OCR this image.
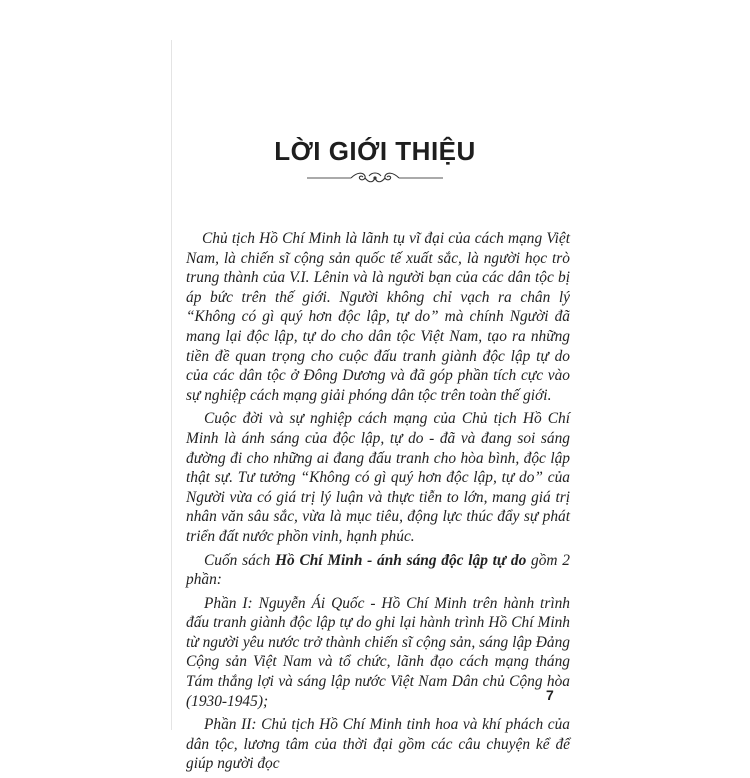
LỜI GIỚI THIỆU

Chủ tịch Hồ Chí Minh là lãnh tụ vĩ đại của cách mạng Việt Nam, là chiến sĩ cộng sản quốc tế xuất sắc, là người học trò trung thành của V.I. Lênin và là người bạn của các dân tộc bị áp bức trên thế giới. Người không chỉ vạch ra chân lý “Không có gì quý hơn độc lập, tự do” mà chính Người đã mang lại độc lập, tự do cho dân tộc Việt Nam, tạo ra những tiền đề quan trọng cho cuộc đấu tranh giành độc lập tự do của các dân tộc ở Đông Dương và đã góp phần tích cực vào sự nghiệp cách mạng giải phóng dân tộc trên toàn thế giới.

Cuộc đời và sự nghiệp cách mạng của Chủ tịch Hồ Chí Minh là ánh sáng của độc lập, tự do - đã và đang soi sáng đường đi cho những ai đang đấu tranh cho hòa bình, độc lập thật sự. Tư tưởng “Không có gì quý hơn độc lập, tự do” của Người vừa có giá trị lý luận và thực tiễn to lớn, mang giá trị nhân văn sâu sắc, vừa là mục tiêu, động lực thúc đẩy sự phát triển đất nước phồn vinh, hạnh phúc.

Cuốn sách Hồ Chí Minh - ánh sáng độc lập tự do gồm 2 phần:

Phần I: Nguyễn Ái Quốc - Hồ Chí Minh trên hành trình đấu tranh giành độc lập tự do ghi lại hành trình Hồ Chí Minh từ người yêu nước trở thành chiến sĩ cộng sản, sáng lập Đảng Cộng sản Việt Nam và tổ chức, lãnh đạo cách mạng tháng Tám thắng lợi và sáng lập nước Việt Nam Dân chủ Cộng hòa (1930-1945);

Phần II: Chủ tịch Hồ Chí Minh tinh hoa và khí phách của dân tộc, lương tâm của thời đại gồm các câu chuyện kể để giúp người đọc

7
